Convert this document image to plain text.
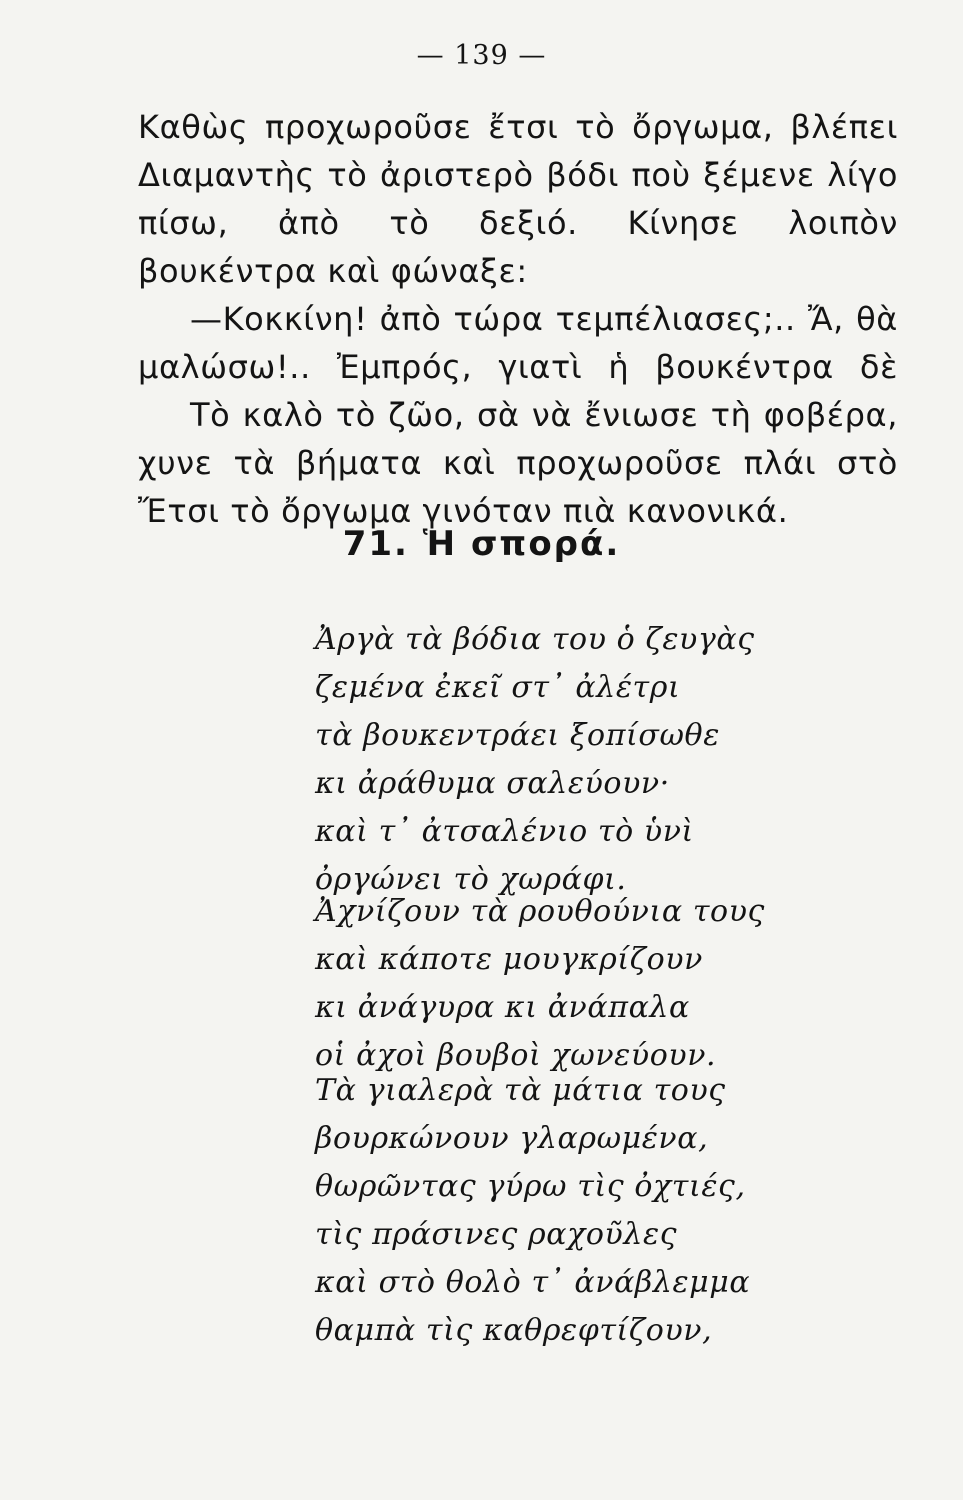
— 139 —
Καθὼς προχωροῦσε ἔτσι τὸ ὄργωμα, βλέπει
Διαμαντὴς τὸ ἀριστερὸ βόδι ποὺ ξέμενε λίγο
πίσω, ἀπὸ τὸ δεξιό. Κίνησε λοιπὸν
βουκέντρα καὶ φώναξε:
—Κοκκίνη! ἀπὸ τώρα τεμπέλιασες;.. Ἄ, θὰ
μαλώσω!.. Ἐμπρός, γιατὶ ἡ βουκέντρα δὲ
Τὸ καλὸ τὸ ζῶο, σὰ νὰ ἔνιωσε τὴ φοβέρα,
χυνε τὰ βήματα καὶ προχωροῦσε πλάι στὸ
Ἔτσι τὸ ὄργωμα γινόταν πιὰ κανονικά.
71. Ἡ σπορά.
Ἀργὰ τὰ βόδια του ὁ ζευγὰς
ζεμένα ἐκεῖ στ᾿ ἀλέτρι
τὰ βουκεντράει ξοπίσωθε
κι ἀράθυμα σαλεύουν·
καὶ τ᾿ ἀτσαλένιο τὸ ὑνὶ
ὀργώνει τὸ χωράφι.
Ἀχνίζουν τὰ ρουθούνια τους
καὶ κάποτε μουγκρίζουν
κι ἀνάγυρα κι ἀνάπαλα
οἱ ἀχοὶ βουβοὶ χωνεύουν.
Τὰ γιαλερὰ τὰ μάτια τους
βουρκώνουν γλαρωμένα,
θωρῶντας γύρω τὶς ὀχτιές,
τὶς πράσινες ραχοῦλες
καὶ στὸ θολὸ τ᾿ ἀνάβλεμμα
θαμπὰ τὶς καθρεφτίζουν,
